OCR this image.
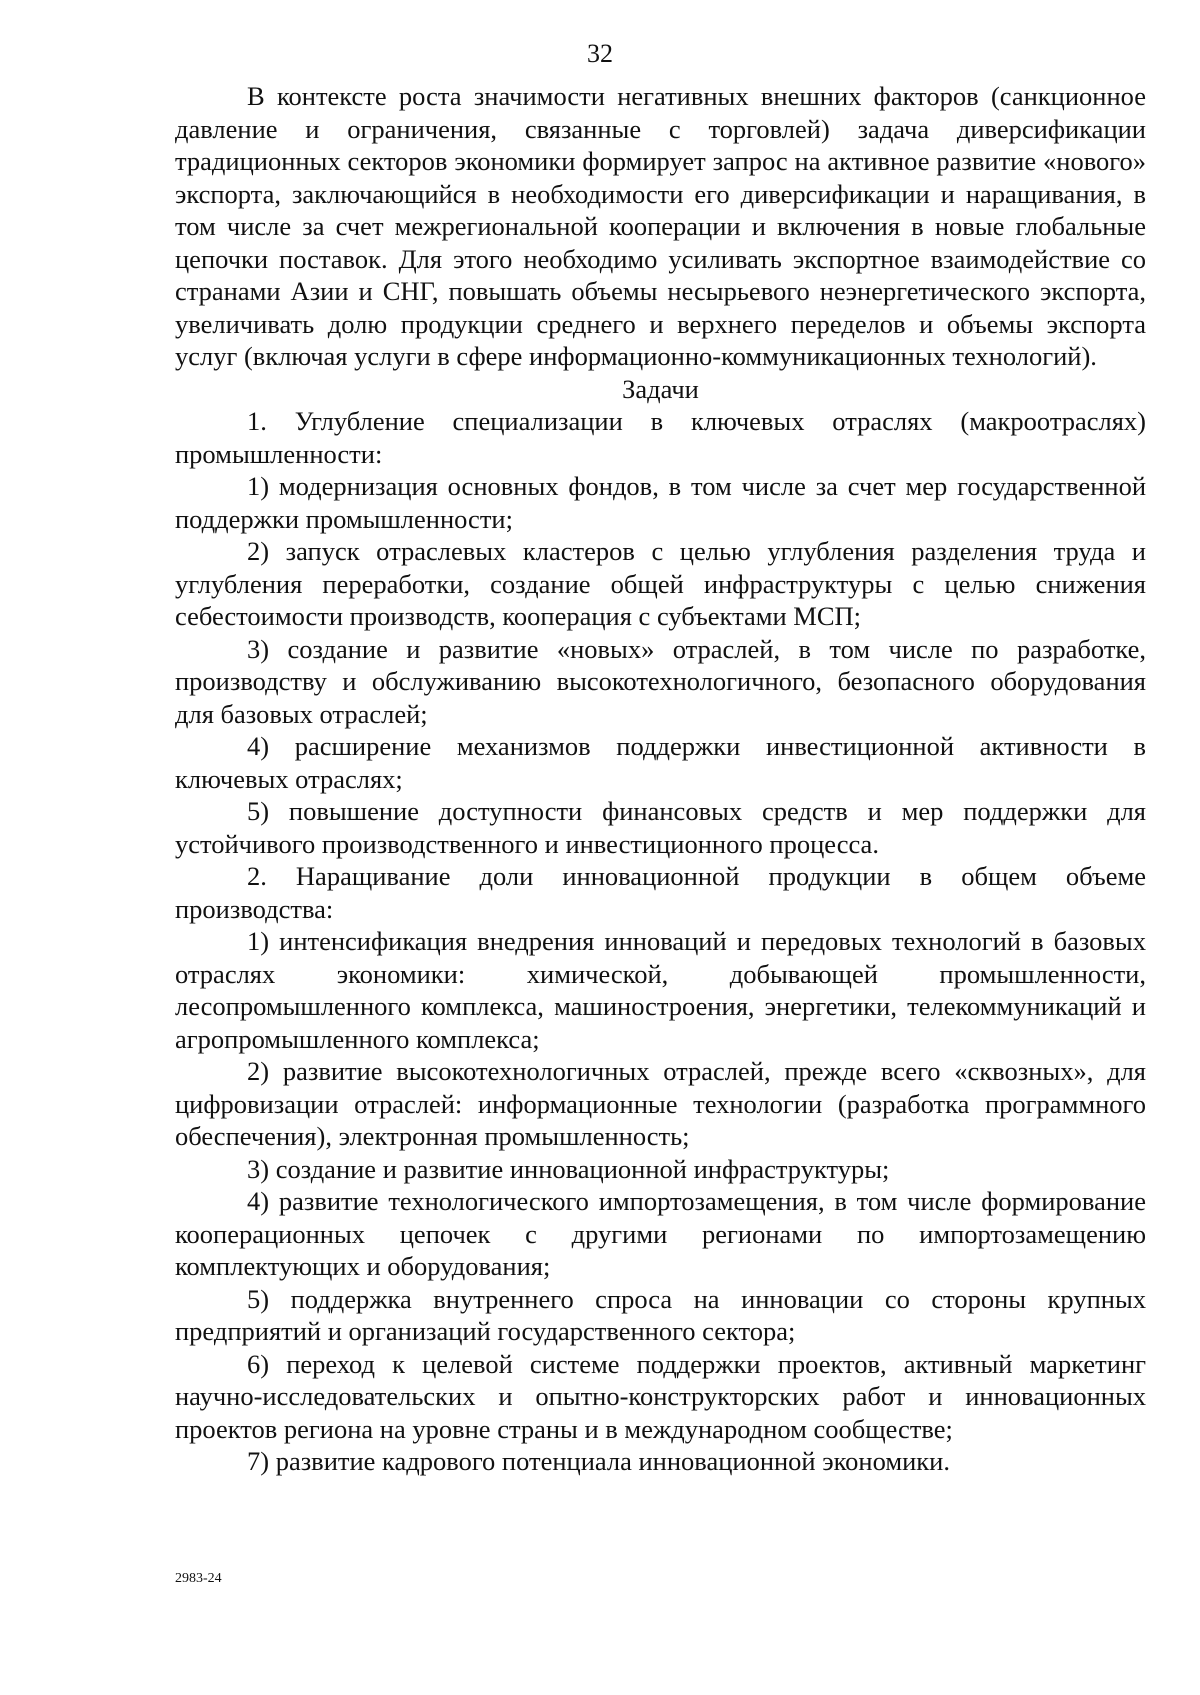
32

В контексте роста значимости негативных внешних факторов (санкционное давление и ограничения, связанные с торговлей) задача диверсификации традиционных секторов экономики формирует запрос на активное развитие «нового» экспорта, заключающийся в необходимости его диверсификации и наращивания, в том числе за счет межрегиональной кооперации и включения в новые глобальные цепочки поставок. Для этого необходимо усиливать экспортное взаимодействие со странами Азии и СНГ, повышать объемы несырьевого неэнергетического экспорта, увеличивать долю продукции среднего и верхнего переделов и объемы экспорта услуг (включая услуги в сфере информационно-коммуникационных технологий).

Задачи

1. Углубление специализации в ключевых отраслях (макроотраслях) промышленности:

1) модернизация основных фондов, в том числе за счет мер государственной поддержки промышленности;

2) запуск отраслевых кластеров с целью углубления разделения труда и углубления переработки, создание общей инфраструктуры с целью снижения себестоимости производств, кооперация с субъектами МСП;

3) создание и развитие «новых» отраслей, в том числе по разработке, производству и обслуживанию высокотехнологичного, безопасного оборудования для базовых отраслей;

4) расширение механизмов поддержки инвестиционной активности в ключевых отраслях;

5) повышение доступности финансовых средств и мер поддержки для устойчивого производственного и инвестиционного процесса.

2. Наращивание доли инновационной продукции в общем объеме производства:

1) интенсификация внедрения инноваций и передовых технологий в базовых отраслях экономики: химической, добывающей промышленности, лесопромышленного комплекса, машиностроения, энергетики, телекоммуникаций и агропромышленного комплекса;

2) развитие высокотехнологичных отраслей, прежде всего «сквозных», для цифровизации отраслей: информационные технологии (разработка программного обеспечения), электронная промышленность;

3) создание и развитие инновационной инфраструктуры;

4) развитие технологического импортозамещения, в том числе формирование кооперационных цепочек с другими регионами по импортозамещению комплектующих и оборудования;

5) поддержка внутреннего спроса на инновации со стороны крупных предприятий и организаций государственного сектора;

6) переход к целевой системе поддержки проектов, активный маркетинг научно-исследовательских и опытно-конструкторских работ и инновационных проектов региона на уровне страны и в международном сообществе;

7) развитие кадрового потенциала инновационной экономики.

2983-24
